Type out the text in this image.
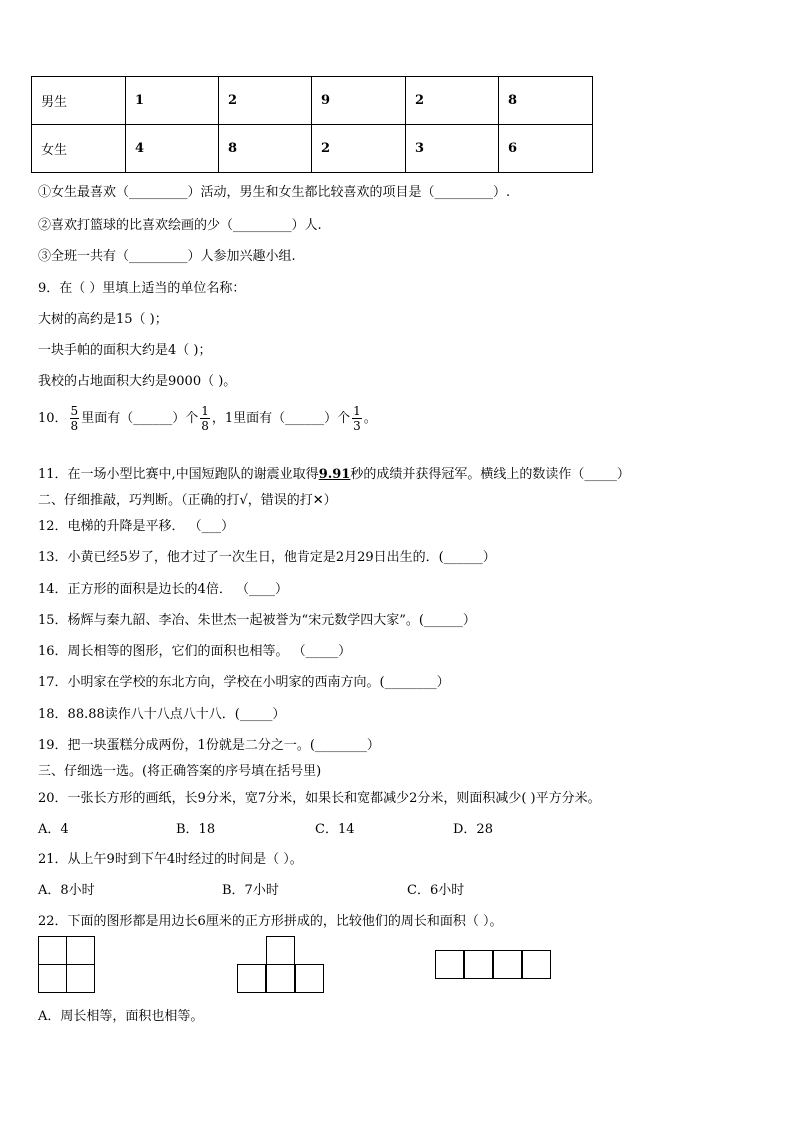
男生	1	2	9	2	8
女生	4	8	2	3	6
①女生最喜欢（_________）活动，男生和女生都比较喜欢的项目是（_________）.
②喜欢打篮球的比喜欢绘画的少（_________）人.
③全班一共有（_________）人参加兴趣小组.
9．在（ ）里填上适当的单位名称：
大树的高约是15（ )；
一块手帕的面积大约是4（ )；
我校的占地面积大约是9000（ )。
10． $\frac{5}{8}$ 里面有（______）个 $\frac{1}{8}$ ，1里面有（______）个 $\frac{1}{3}$ 。
11．在一场小型比赛中,中国短跑队的谢震业取得9.91秒的成绩并获得冠军。横线上的数读作（_____）
二、仔细推敲，巧判断。（正确的打√，错误的打✕）
12．电梯的升降是平移． （___）
13．小黄已经5岁了，他才过了一次生日，他肯定是2月29日出生的．(______）
14．正方形的面积是边长的4倍． （____）
15．杨辉与秦九韶、李冶、朱世杰一起被誉为“宋元数学四大家”。(______）
16．周长相等的图形，它们的面积也相等。 （_____）
17．小明家在学校的东北方向，学校在小明家的西南方向。(________）
18．88.88读作八十八点八十八．(_____）
19．把一块蛋糕分成两份，1份就是二分之一。(________）
三、仔细选一选。(将正确答案的序号填在括号里)
20．一张长方形的画纸，长9分米，宽7分米，如果长和宽都减少2分米，则面积减少( )平方分米。
A．4	B．18	C．14	D．28
21．从上午9时到下午4时经过的时间是（ ）。
A．8小时	B．7小时	C．6小时
22．下面的图形都是用边长6厘米的正方形拼成的，比较他们的周长和面积（ ）。
A．周长相等，面积也相等。
